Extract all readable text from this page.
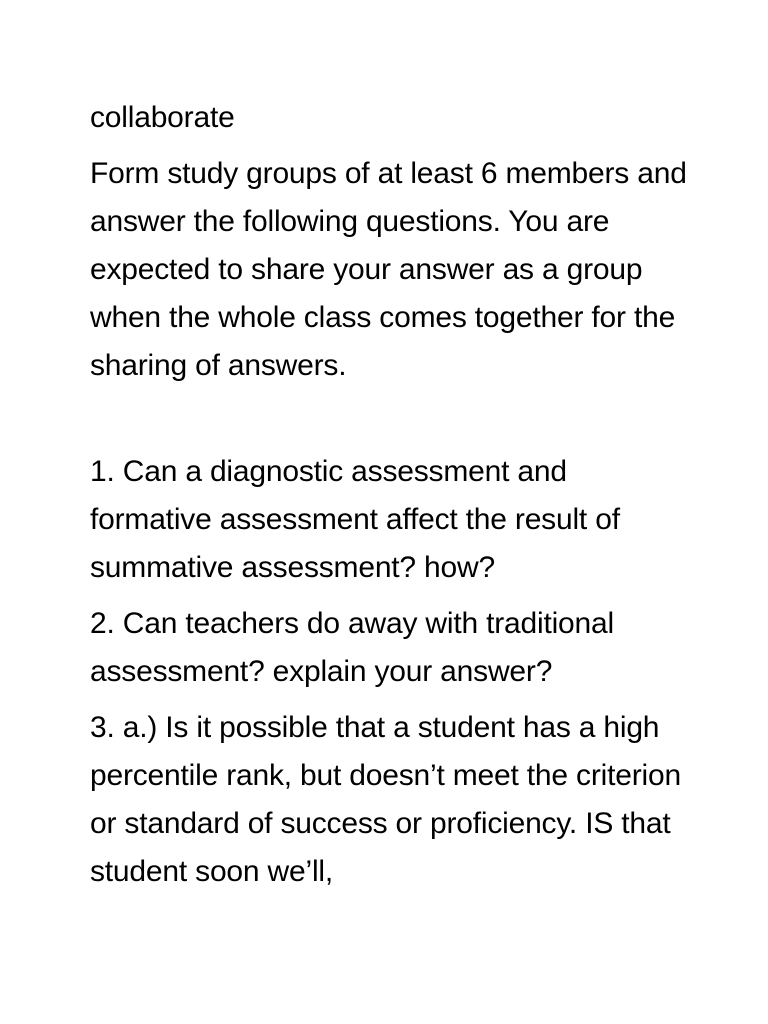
collaborate

Form study groups of at least 6 members and answer the following questions. You are expected to share your answer as a group when the whole class comes together for the sharing of answers.

1. Can a diagnostic assessment and formative assessment affect the result of summative assessment? how?

2. Can teachers do away with traditional assessment? explain your answer?

3. a.) Is it possible that a student has a high percentile rank, but doesn’t meet the criterion or standard of success or proficiency. IS that student soon we’ll,
